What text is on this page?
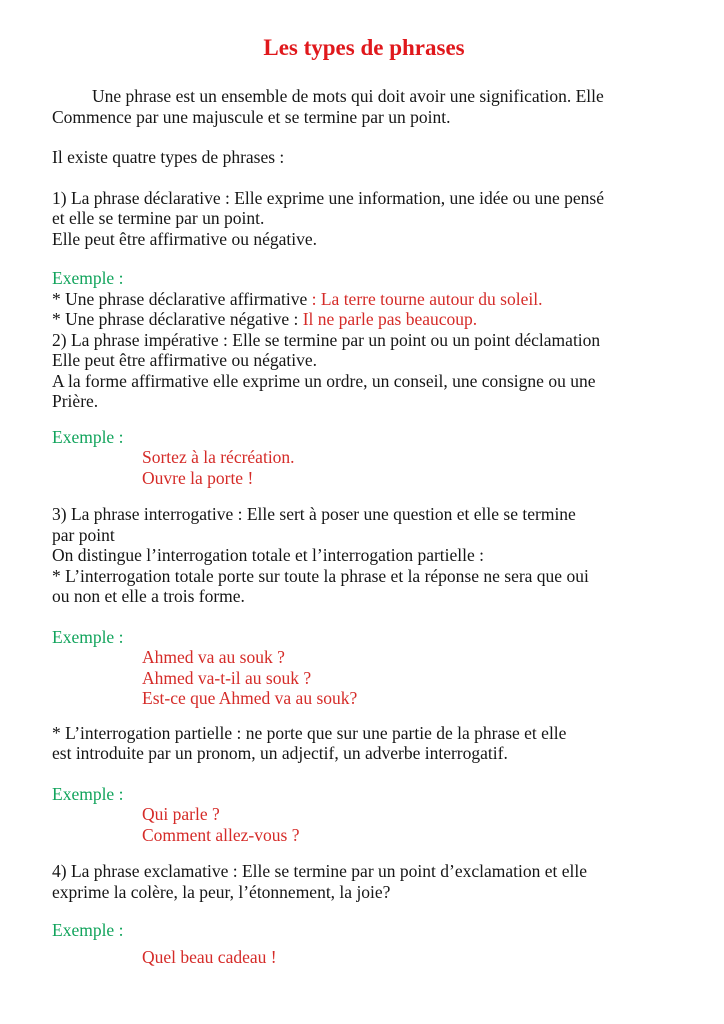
Les types de phrases
Une phrase est un ensemble de mots qui doit avoir une signification. Elle
Commence par une majuscule et se termine par un point.
Il existe quatre types de phrases :
1) La phrase déclarative : Elle exprime une information, une idée ou une pensé
et elle se termine par un point.
Elle peut être affirmative ou négative.
Exemple :
* Une phrase déclarative affirmative : La terre tourne autour du soleil.
* Une phrase déclarative négative : Il ne parle pas beaucoup.
2) La phrase impérative : Elle se termine par un point ou un point déclamation
Elle peut être affirmative ou négative.
A la forme affirmative elle exprime un ordre, un conseil, une consigne ou une
Prière.
Exemple :
Sortez à la récréation.
Ouvre la porte !
3) La phrase interrogative : Elle sert à poser une question et elle se termine
par point
On distingue l’interrogation totale et l’interrogation partielle :
* L’interrogation totale porte sur toute la phrase et la réponse ne sera que oui
ou non et elle a trois forme.
Exemple :
Ahmed va au souk ?
Ahmed va-t-il au souk ?
Est-ce que Ahmed va au souk?
* L’interrogation partielle : ne porte que sur une partie de la phrase et elle
est introduite par un pronom, un adjectif, un adverbe interrogatif.
Exemple :
Qui parle ?
Comment allez-vous ?
4) La phrase exclamative : Elle se termine par un point d’exclamation et elle
exprime la colère, la peur, l’étonnement, la joie?
Exemple :
Quel beau cadeau !
